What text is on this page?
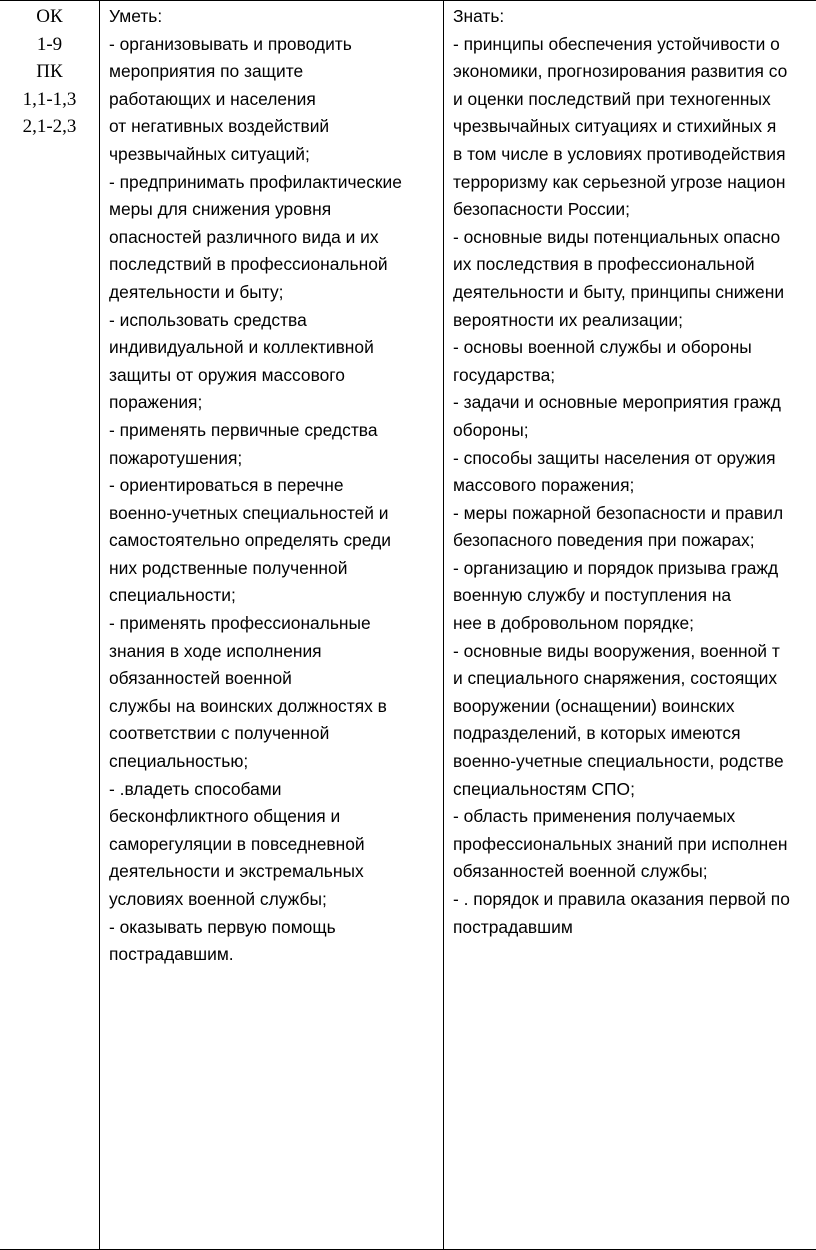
ОК
1-9
ПК
1,1-1,3
2,1-2,3
Уметь:
- организовывать и проводить
мероприятия по защите
работающих и населения
от негативных воздействий
чрезвычайных ситуаций;
- предпринимать профилактические
меры для снижения уровня
опасностей различного вида и их
последствий в профессиональной
деятельности и быту;
- использовать средства
индивидуальной и коллективной
защиты от оружия массового
поражения;
- применять первичные средства
пожаротушения;
- ориентироваться в перечне
военно-учетных специальностей и
самостоятельно определять среди
них родственные полученной
специальности;
- применять профессиональные
знания в ходе исполнения
обязанностей военной
службы на воинских должностях в
соответствии с полученной
специальностью;
- .владеть способами
бесконфликтного общения и
саморегуляции в повседневной
деятельности и экстремальных
условиях военной службы;
- оказывать первую помощь
пострадавшим.
Знать:
- принципы обеспечения устойчивости о
экономики, прогнозирования развития со
и оценки последствий при техногенных
чрезвычайных ситуациях и стихийных я
в том числе в условиях противодействия
терроризму как серьезной угрозе национ
безопасности России;
- основные виды потенциальных опасно
их последствия в профессиональной
деятельности и быту, принципы снижени
вероятности их реализации;
- основы военной службы и обороны
государства;
- задачи и основные мероприятия гражд
обороны;
- способы защиты населения от оружия
массового поражения;
- меры пожарной безопасности и правил
безопасного поведения при пожарах;
- организацию и порядок призыва гражд
военную службу и поступления на
нее в добровольном порядке;
- основные виды вооружения, военной т
и специального снаряжения, состоящих
вооружении (оснащении) воинских
подразделений, в которых имеются
военно-учетные специальности, родстве
специальностям СПО;
- область применения получаемых
профессиональных знаний при исполнен
обязанностей военной службы;
- . порядок и правила оказания первой по
пострадавшим
